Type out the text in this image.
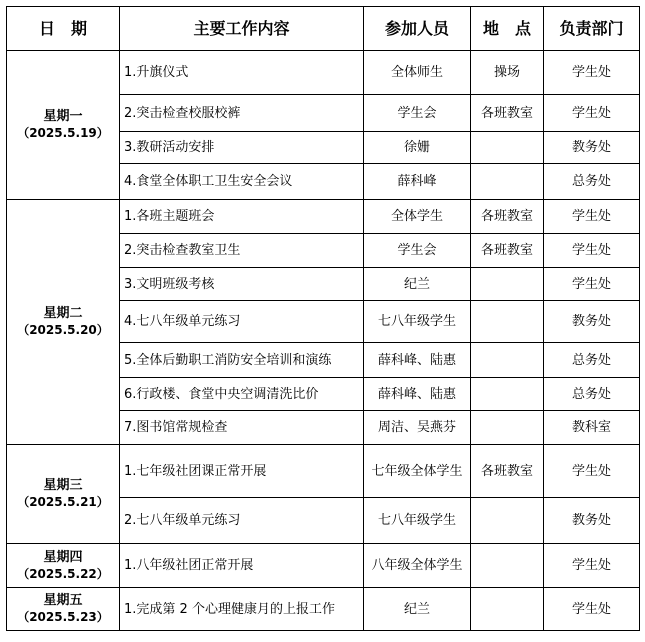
日　期	主要工作内容	参加人员	地　点	负责部门

星期一
（2025.5.19）	1.升旗仪式	全体师生	操场	学生处
	2.突击检查校服校裤	学生会	各班教室	学生处
	3.教研活动安排	徐姗		教务处
	4.食堂全体职工卫生安全会议	薛科峰		总务处

星期二
（2025.5.20）	1.各班主题班会	全体学生	各班教室	学生处
	2.突击检查教室卫生	学生会	各班教室	学生处
	3.文明班级考核	纪兰		学生处
	4.七八年级单元练习	七八年级学生		教务处
	5.全体后勤职工消防安全培训和演练	薛科峰、陆惠		总务处
	6.行政楼、食堂中央空调清洗比价	薛科峰、陆惠		总务处
	7.图书馆常规检查	周洁、吴燕芬		教科室

星期三
（2025.5.21）	1.七年级社团课正常开展	七年级全体学生	各班教室	学生处
	2.七八年级单元练习	七八年级学生		教务处

星期四
（2025.5.22）	1.八年级社团正常开展	八年级全体学生		学生处

星期五
（2025.5.23）	1.完成第 2 个心理健康月的上报工作	纪兰		学生处
